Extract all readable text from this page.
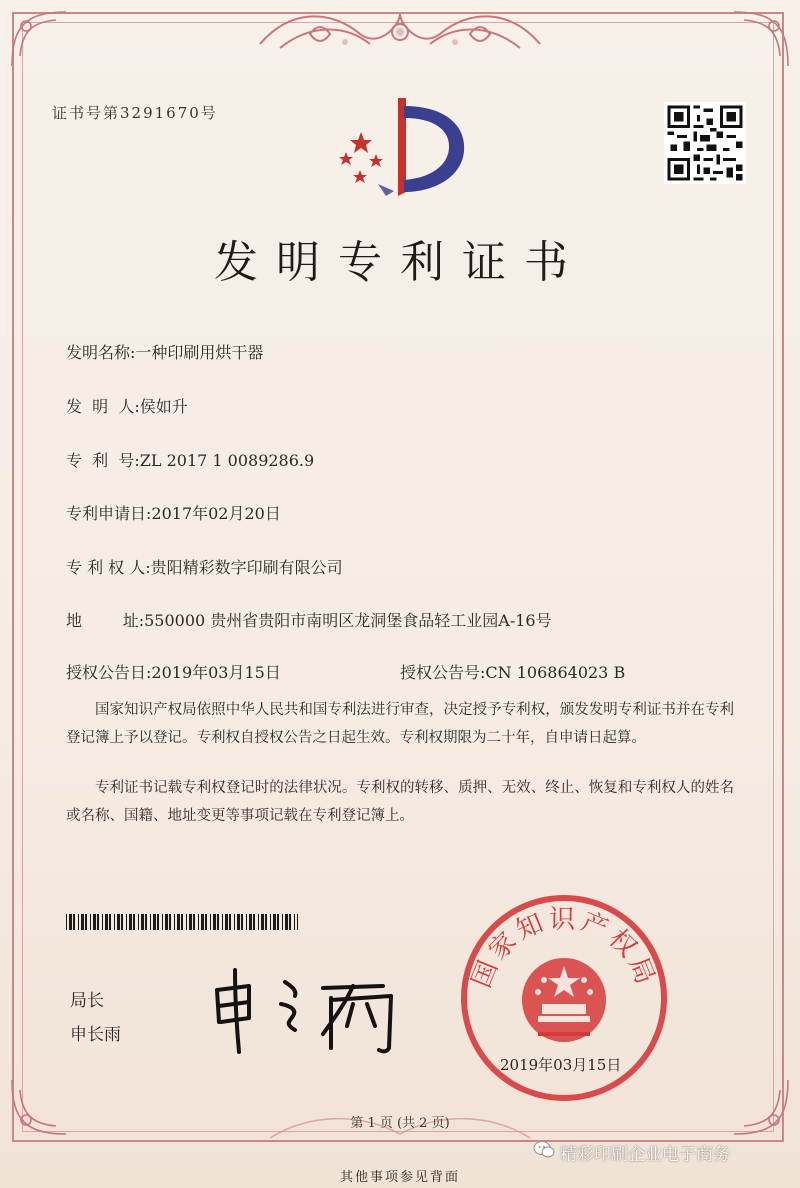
证书号第3291670号
发明专利证书
发明名称:一种印刷用烘干器
发  明  人:侯如升
专  利  号:ZL 2017 1 0089286.9
专利申请日:2017年02月20日
专 利 权 人:贵阳精彩数字印刷有限公司
地        址:550000 贵州省贵阳市南明区龙洞堡食品轻工业园A-16号
授权公告日:2019年03月15日	授权公告号:CN 106864023 B
国家知识产权局依照中华人民共和国专利法进行审查，决定授予专利权，颁发发明专利证书并在专利登记簿上予以登记。专利权自授权公告之日起生效。专利权期限为二十年，自申请日起算。
专利证书记载专利权登记时的法律状况。专利权的转移、质押、无效、终止、恢复和专利权人的姓名或名称、国籍、地址变更等事项记载在专利登记簿上。
局长
申长雨
国家知识产权局
2019年03月15日
第 1 页 (共 2 页)
精彩印刷企业电子商务
其他事项参见背面
